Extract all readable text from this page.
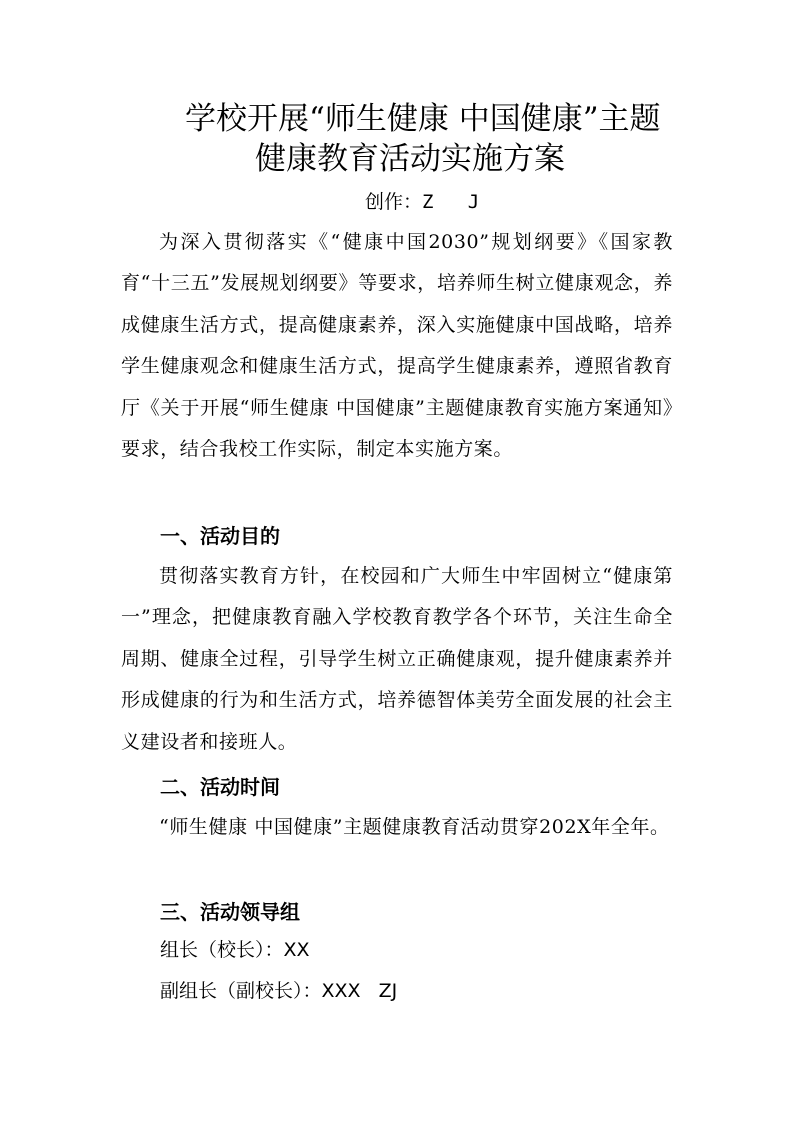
学校开展“师生健康 中国健康”主题
健康教育活动实施方案
创作：Z   J
为深入贯彻落实《“健康中国2030”规划纲要》《国家教育“十三五”发展规划纲要》等要求，培养师生树立健康观念，养成健康生活方式，提高健康素养，深入实施健康中国战略，培养学生健康观念和健康生活方式，提高学生健康素养，遵照省教育厅《关于开展“师生健康 中国健康”主题健康教育实施方案通知》要求，结合我校工作实际，制定本实施方案。
一、活动目的
贯彻落实教育方针，在校园和广大师生中牢固树立“健康第一”理念，把健康教育融入学校教育教学各个环节，关注生命全周期、健康全过程，引导学生树立正确健康观，提升健康素养并形成健康的行为和生活方式，培养德智体美劳全面发展的社会主义建设者和接班人。
二、活动时间
“师生健康 中国健康”主题健康教育活动贯穿202X年全年。
三、活动领导组
组长（校长）：XX
副组长（副校长）：XXX   ZJ
